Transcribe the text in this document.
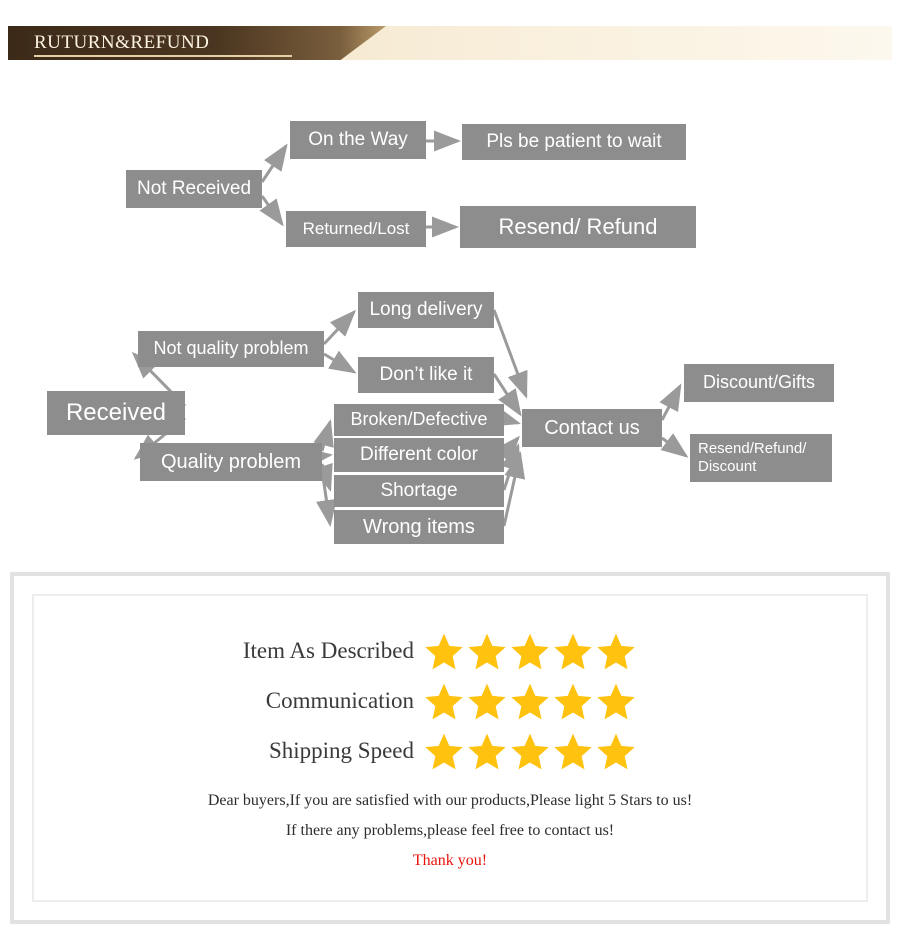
RUTURN&REFUND
Not Received
On the Way	Pls be patient to wait
Returned/Lost	Resend/ Refund
Received
Not quality problem
Quality problem
Long delivery
Don’t like it
Broken/Defective
Different color
Shortage
Wrong items
Contact us
Discount/Gifts
Resend/Refund/ Discount
Item As Described
Communication
Shipping Speed
Dear buyers,If you are satisfied with our products,Please light 5 Stars to us!
If there any problems,please feel free to contact us!
Thank you!
